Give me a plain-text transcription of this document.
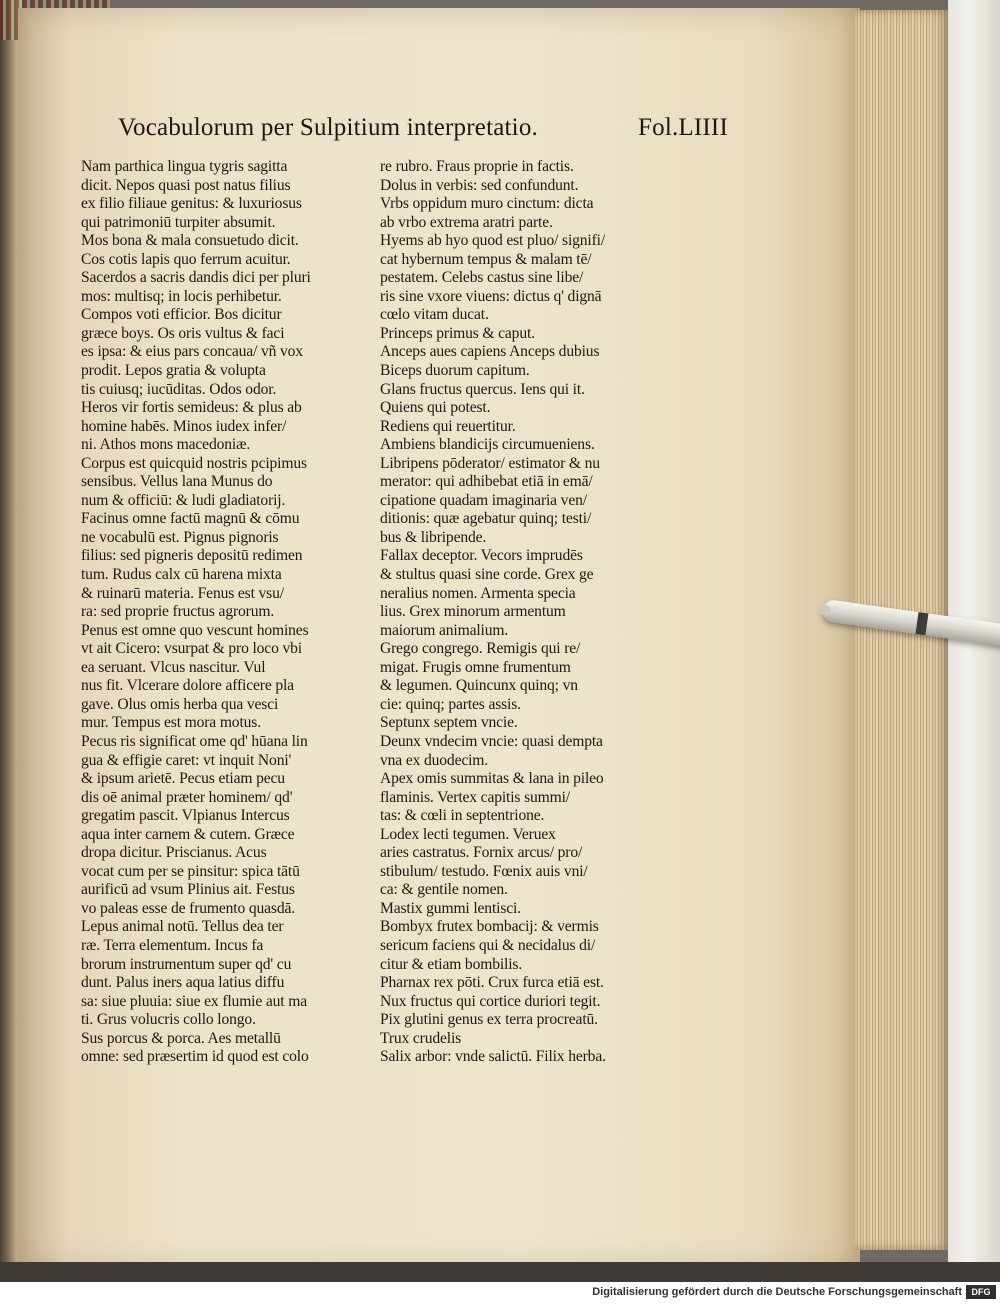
Vocabulorum per Sulpitium interpretatio.	Fol.LIIII
Nam parthica lingua tygris sagitta
dicit. Nepos quasi post natus filius
ex filio filiaue genitus: & luxuriosus
qui patrimoniū turpiter absumit.
Mos bona & mala consuetudo dicit.
Cos cotis lapis quo ferrum acuitur.
Sacerdos a sacris dandis dici per pluri
mos: multisq; in locis perhibetur.
Compos voti efficior. Bos dicitur
græce boys. Os oris vultus & faci
es ipsa: & eius pars concaua/ vñ vox
prodit. Lepos gratia & volupta
tis cuiusq; iucūditas. Odos odor.
Heros vir fortis semideus: & plus ab
homine habēs. Minos iudex infer/
ni. Athos mons macedoniæ.
Corpus est quicquid nostris pcipimus
sensibus. Vellus lana Munus do
num & officiū: & ludi gladiatorij.
Facinus omne factū magnū & cōmu
ne vocabulū est. Pignus pignoris
filius: sed pigneris depositū redimen
tum. Rudus calx cū harena mixta
& ruinarū materia. Fenus est vsu/
ra: sed proprie fructus agrorum.
Penus est omne quo vescunt homines
vt ait Cicero: vsurpat & pro loco vbi
ea seruant. Vlcus nascitur. Vul
nus fit. Vlcerare dolore afficere pla
gave. Olus omis herba qua vesci
mur. Tempus est mora motus.
Pecus ris significat ome qd' hūana lin
gua & effigie caret: vt inquit Noni'
& ipsum arietē. Pecus etiam pecu
dis oē animal præter hominem/ qd'
gregatim pascit. Vlpianus Intercus
aqua inter carnem & cutem. Græce
dropa dicitur. Priscianus. Acus
vocat cum per se pinsitur: spica tātū
aurificū ad vsum Plinius ait. Festus
vo paleas esse de frumento quasdā.
Lepus animal notū. Tellus dea ter
ræ. Terra elementum. Incus fa
brorum instrumentum super qd' cu
dunt. Palus iners aqua latius diffu
sa: siue pluuia: siue ex flumie aut ma
ti. Grus volucris collo longo.
Sus porcus & porca. Aes metallū
omne: sed præsertim id quod est colo
re rubro. Fraus proprie in factis.
Dolus in verbis: sed confundunt.
Vrbs oppidum muro cinctum: dicta
ab vrbo extrema aratri parte.
Hyems ab hyo quod est pluo/ signifi/
cat hybernum tempus & malam tē/
pestatem. Celebs castus sine libe/
ris sine vxore viuens: dictus q' dignā
cœlo vitam ducat.
Princeps primus & caput.
Anceps aues capiens Anceps dubius
Biceps duorum capitum.
Glans fructus quercus. Iens qui it.
Quiens qui potest.
Rediens qui reuertitur.
Ambiens blandicijs circumueniens.
Libripens pōderator/ estimator & nu
merator: qui adhibebat etiā in emā/
cipatione quadam imaginaria ven/
ditionis: quæ agebatur quinq; testi/
bus & libripende.
Fallax deceptor. Vecors imprudēs
& stultus quasi sine corde. Grex ge
neralius nomen. Armenta specia
lius. Grex minorum armentum
maiorum animalium.
Grego congrego. Remigis qui re/
migat. Frugis omne frumentum
& legumen. Quincunx quinq; vn
cie: quinq; partes assis.
Septunx septem vncie.
Deunx vndecim vncie: quasi dempta
vna ex duodecim.
Apex omis summitas & lana in pileo
flaminis. Vertex capitis summi/
tas: & cœli in septentrione.
Lodex lecti tegumen. Veruex
aries castratus. Fornix arcus/ pro/
stibulum/ testudo. Fœnix auis vni/
ca: & gentile nomen.
Mastix gummi lentisci.
Bombyx frutex bombacij: & vermis
sericum faciens qui & necidalus di/
citur & etiam bombilis.
Pharnax rex pōti. Crux furca etiā est.
Nux fructus qui cortice duriori tegit.
Pix glutini genus ex terra procreatū.
Trux crudelis
Salix arbor: vnde salictū. Filix herba.
Digitalisierung gefördert durch die Deutsche Forschungsgemeinschaft	DFG
